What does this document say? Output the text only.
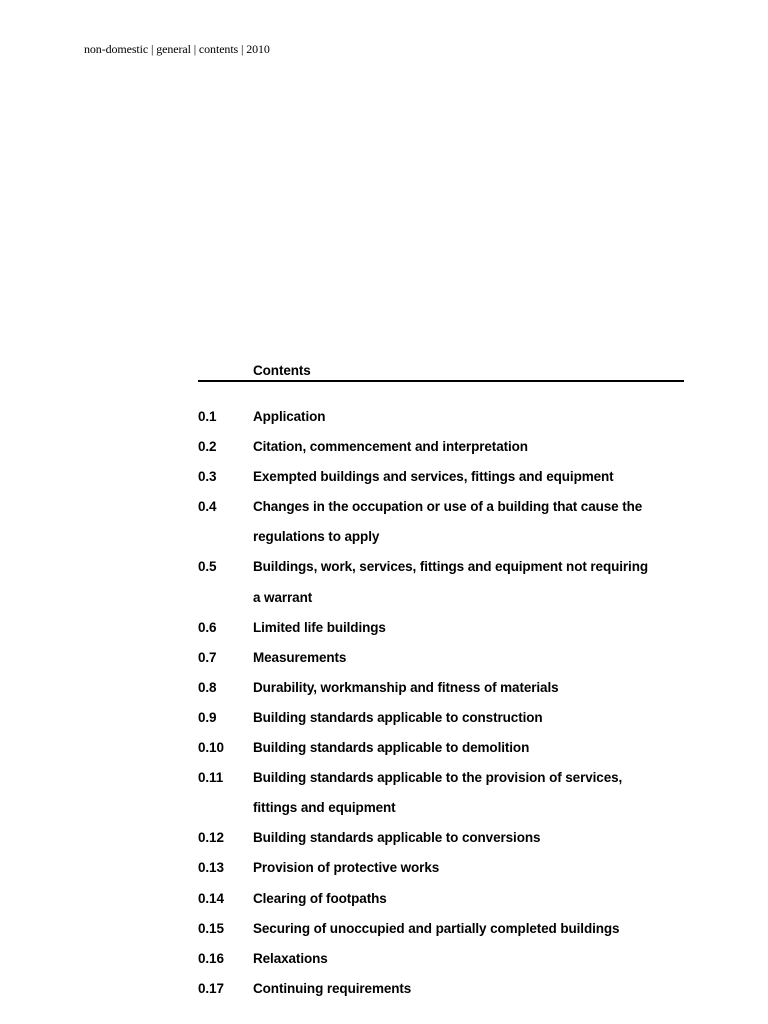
non-domestic | general | contents | 2010
Contents
0.1	Application
0.2	Citation, commencement and interpretation
0.3	Exempted buildings and services, fittings and equipment
0.4	Changes in the occupation or use of a building that cause the
regulations to apply
0.5	Buildings, work, services, fittings and equipment not requiring
a warrant
0.6	Limited life buildings
0.7	Measurements
0.8	Durability, workmanship and fitness of materials
0.9	Building standards applicable to construction
0.10	Building standards applicable to demolition
0.11	Building standards applicable to the provision of services,
fittings and equipment
0.12	Building standards applicable to conversions
0.13	Provision of protective works
0.14	Clearing of footpaths
0.15	Securing of unoccupied and partially completed buildings
0.16	Relaxations
0.17	Continuing requirements
